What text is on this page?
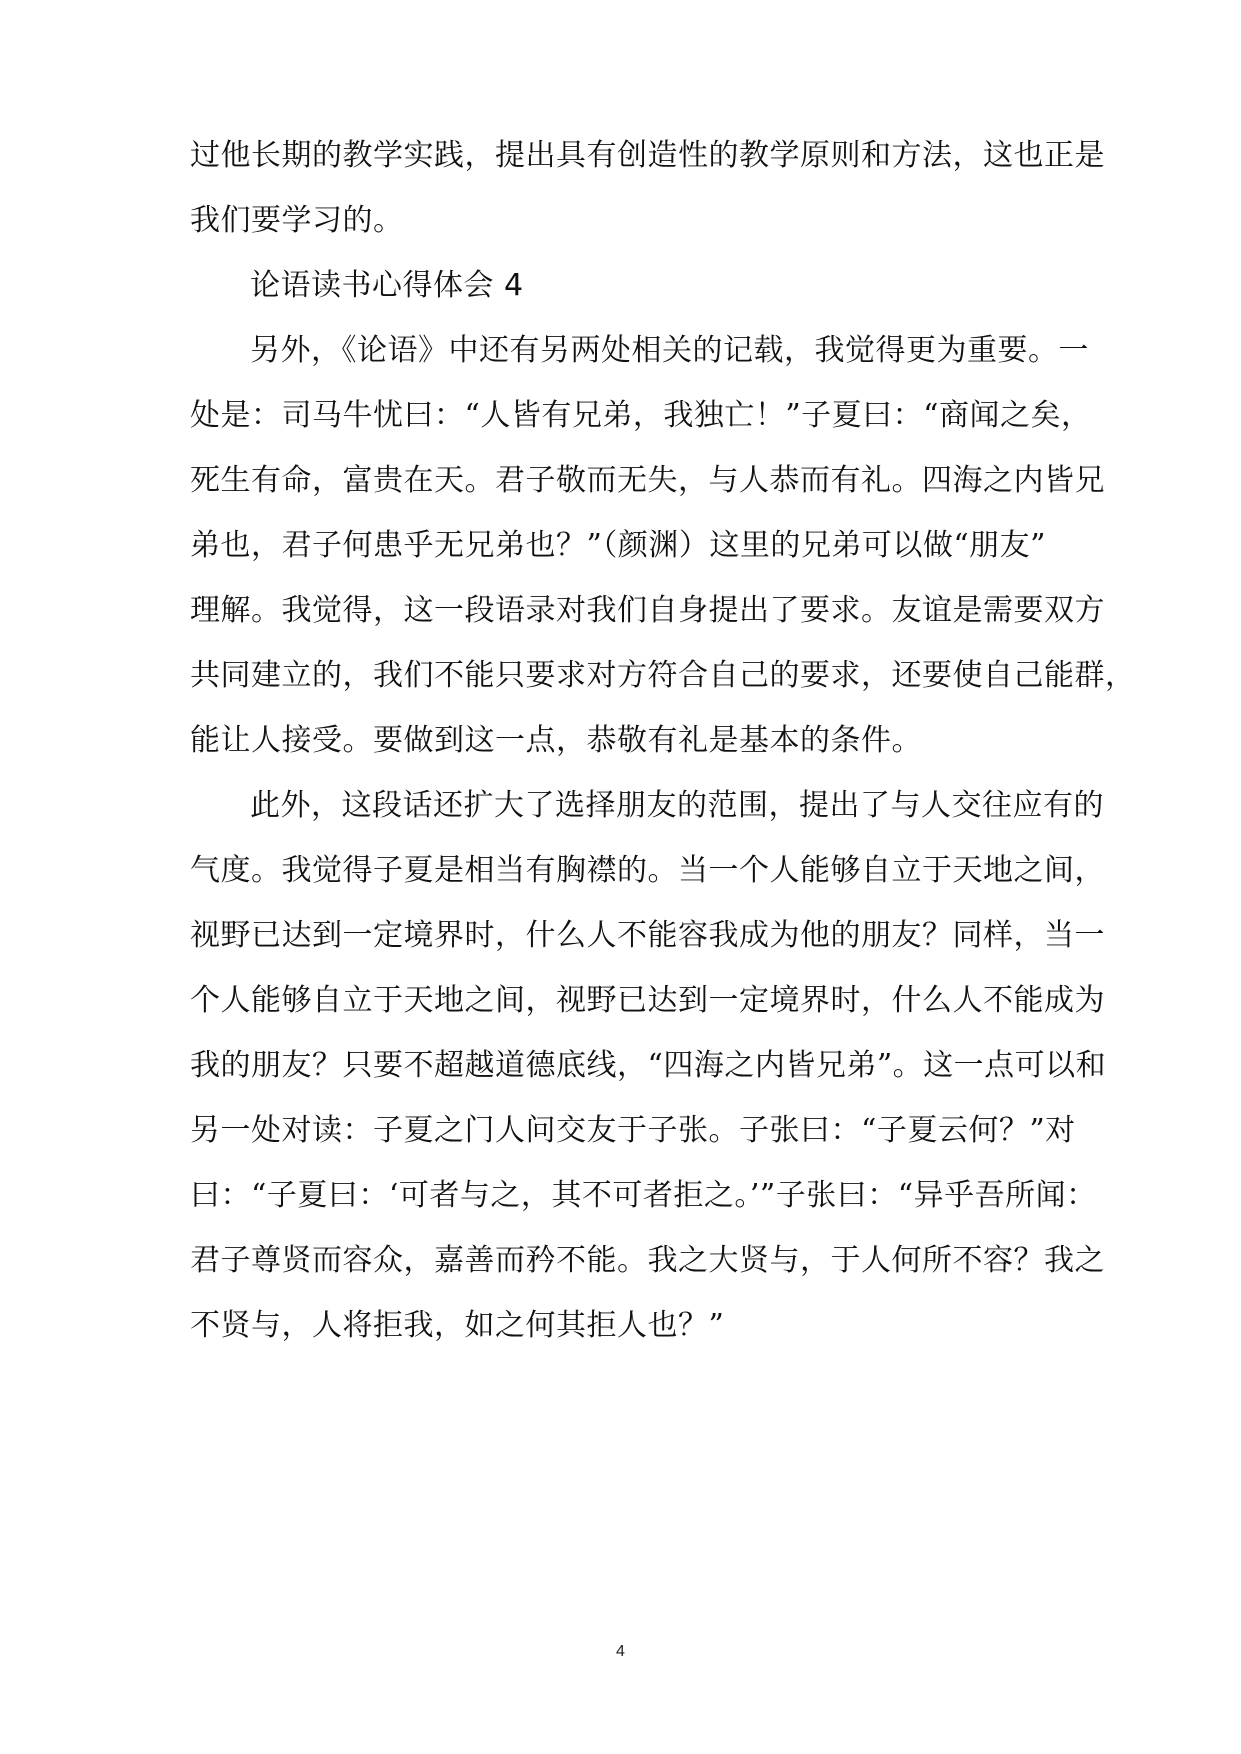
过他长期的教学实践，提出具有创造性的教学原则和方法，这也正是
我们要学习的。
论语读书心得体会 4
另外，《论语》中还有另两处相关的记载，我觉得更为重要。一
处是：司马牛忧曰：“人皆有兄弟，我独亡！”子夏曰：“商闻之矣，
死生有命，富贵在天。君子敬而无失，与人恭而有礼。四海之内皆兄
弟也，君子何患乎无兄弟也？”（颜渊）这里的兄弟可以做“朋友”
理解。我觉得，这一段语录对我们自身提出了要求。友谊是需要双方
共同建立的，我们不能只要求对方符合自己的要求，还要使自己能群，
能让人接受。要做到这一点，恭敬有礼是基本的条件。
此外，这段话还扩大了选择朋友的范围，提出了与人交往应有的
气度。我觉得子夏是相当有胸襟的。当一个人能够自立于天地之间，
视野已达到一定境界时，什么人不能容我成为他的朋友？同样，当一
个人能够自立于天地之间，视野已达到一定境界时，什么人不能成为
我的朋友？只要不超越道德底线，“四海之内皆兄弟”。这一点可以和
另一处对读：子夏之门人问交友于子张。子张曰：“子夏云何？”对
曰：“子夏曰：‘可者与之，其不可者拒之。’”子张曰：“异乎吾所闻：
君子尊贤而容众，嘉善而矜不能。我之大贤与，于人何所不容？我之
不贤与，人将拒我，如之何其拒人也？”
4
